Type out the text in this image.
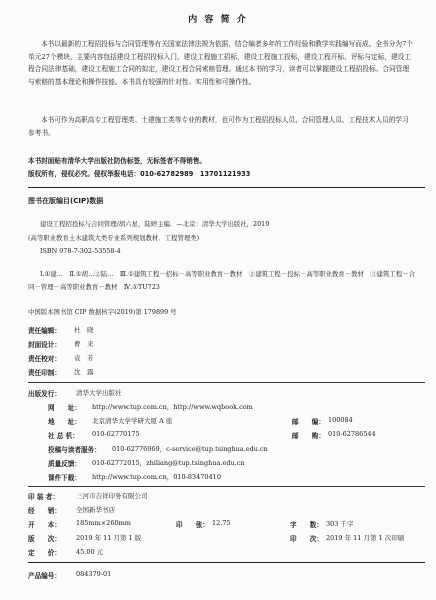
内 容 简 介
本书以最新的工程招投标与合同管理等有关国家法律法规为依据，结合编者多年的工作经验和教学实践编写而成。全书分为7个单元27个模块，主要内容包括建设工程招投标入门，建设工程施工招标，建设工程施工投标，建设工程开标、评标与定标，建设工程合同法律基础，建设工程施工合同的拟定，建设工程合同索赔管理。通过本书的学习，读者可以掌握建设工程招投标、合同管理与索赔的基本理论和操作技能。本书具有较强的针对性、实用性和可操作性。
本书可作为高职高专工程管理类、土建施工类等专业的教材，也可作为工程招投标人员、合同管理人员、工程技术人员的学习参考书。
本书封面贴有清华大学出版社防伪标签，无标签者不得销售。
版权所有，侵权必究。侵权举报电话：010-62782989　13701121933
图书在版编目(CIP)数据
建设工程招投标与合同管理/胡六星，陆婷主编．—北京：清华大学出版社，2019
(高等职业教育土木建筑大类专业系列规划教材．工程管理类)
ISBN 978-7-302-53558-4
Ⅰ.①建…　Ⅱ.①胡…②陆…　Ⅲ.①建筑工程－招标－高等职业教育－教材　②建筑工程－投标－高等职业教育－教材　③建筑工程－合同－管理－高等职业教育－教材　Ⅳ.①TU723
中国版本图书馆 CIP 数据核字(2019)第 179899 号
责任编辑： 杜　晓
封面设计： 曹　来
责任校对： 袁　芳
责任印制： 沈　露
出版发行： 清华大学出版社
网　　址： http://www.tup.com.cn，http://www.wqbook.com
地　　址： 北京清华大学学研大厦 A 座	邮　　编： 100084
社 总 机： 010-62770175	邮　　购： 010-62786544
投稿与读者服务： 010-62776969，c-service@tup.tsinghua.edu.cn
质量反馈： 010-62772015，zhiliang@tup.tsinghua.edu.cn
课件下载： http://www.tup.com.cn，010-83470410
印 装 者：	三河市吉祥印务有限公司
经　　销： 全国新华书店
开　　本： 185mm×260mm	印　　张： 12.75	字　　数： 303 千字
版　　次： 2019 年 11 月第 1 版	印　　次： 2019 年 11 月第 1 次印刷
定　　价： 45.00 元
产品编号： 084379-01
